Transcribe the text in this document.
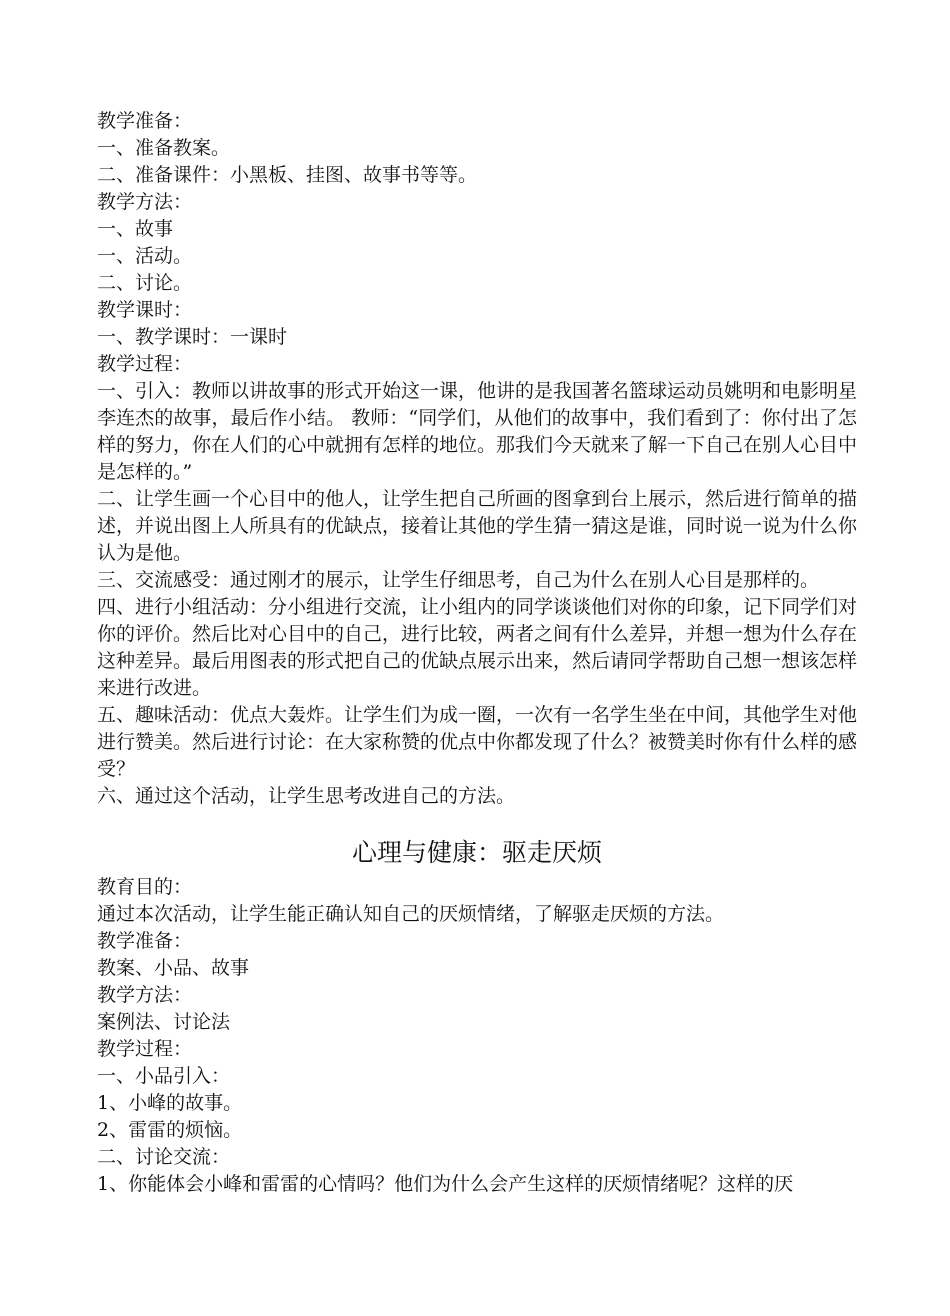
教学准备：
一、准备教案。
二、准备课件：小黑板、挂图、故事书等等。
教学方法：
一、故事
一、活动。
二、讨论。
教学课时：
一、教学课时：一课时
教学过程：
一、引入：教师以讲故事的形式开始这一课，他讲的是我国著名篮球运动员姚明和电影明星李连杰的故事，最后作小结。 教师：“同学们，从他们的故事中，我们看到了：你付出了怎样的努力，你在人们的心中就拥有怎样的地位。那我们今天就来了解一下自己在别人心目中是怎样的。”
二、让学生画一个心目中的他人，让学生把自己所画的图拿到台上展示，然后进行简单的描述，并说出图上人所具有的优缺点，接着让其他的学生猜一猜这是谁，同时说一说为什么你认为是他。
三、交流感受：通过刚才的展示，让学生仔细思考，自己为什么在别人心目是那样的。
四、进行小组活动：分小组进行交流，让小组内的同学谈谈他们对你的印象，记下同学们对你的评价。然后比对心目中的自己，进行比较，两者之间有什么差异，并想一想为什么存在这种差异。最后用图表的形式把自己的优缺点展示出来，然后请同学帮助自己想一想该怎样来进行改进。
五、趣味活动：优点大轰炸。让学生们为成一圈，一次有一名学生坐在中间，其他学生对他进行赞美。然后进行讨论：在大家称赞的优点中你都发现了什么？被赞美时你有什么样的感受？
六、通过这个活动，让学生思考改进自己的方法。
心理与健康：驱走厌烦
教育目的：
通过本次活动，让学生能正确认知自己的厌烦情绪，了解驱走厌烦的方法。
教学准备：
教案、小品、故事
教学方法：
案例法、讨论法
教学过程：
一、小品引入：
1、小峰的故事。
2、雷雷的烦恼。
二、讨论交流：
1、你能体会小峰和雷雷的心情吗？他们为什么会产生这样的厌烦情绪呢？这样的厌
